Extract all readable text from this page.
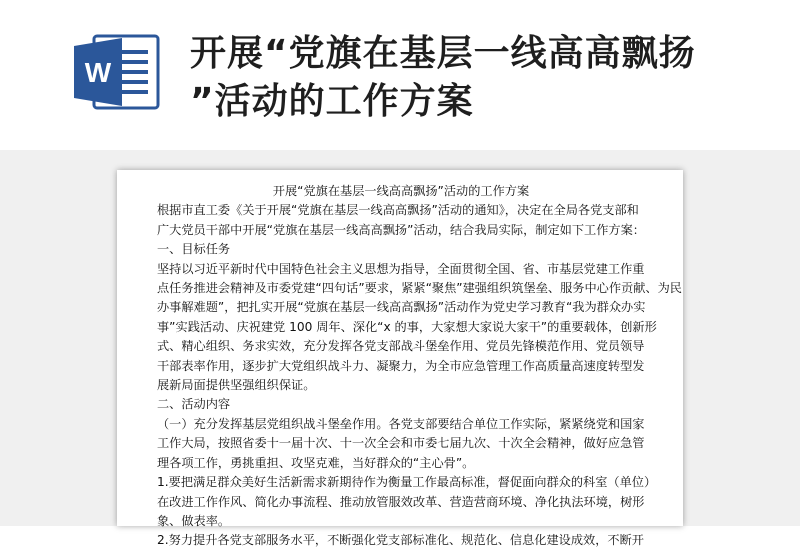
W 开展“党旗在基层一线高高飘扬
”活动的工作方案
开展“党旗在基层一线高高飘扬”活动的工作方案
根据市直工委《关于开展“党旗在基层一线高高飘扬”活动的通知》，决定在全局各党支部和
广大党员干部中开展“党旗在基层一线高高飘扬”活动，结合我局实际，制定如下工作方案：
一、目标任务
坚持以习近平新时代中国特色社会主义思想为指导，全面贯彻全国、省、市基层党建工作重
点任务推进会精神及市委党建“四句话”要求，紧紧“聚焦”建强组织筑堡垒、服务中心作贡献、为民
办事解难题”，把扎实开展“党旗在基层一线高高飘扬”活动作为党史学习教育“我为群众办实
事”实践活动、庆祝建党 100 周年、深化“x 的事，大家想大家说大家干”的重要载体，创新形
式、精心组织、务求实效，充分发挥各党支部战斗堡垒作用、党员先锋模范作用、党员领导
干部表率作用，逐步扩大党组织战斗力、凝聚力，为全市应急管理工作高质量高速度转型发
展新局面提供坚强组织保证。
二、活动内容
（一）充分发挥基层党组织战斗堡垒作用。各党支部要结合单位工作实际，紧紧绕党和国家
工作大局，按照省委十一届十次、十一次全会和市委七届九次、十次全会精神，做好应急管
理各项工作，勇挑重担、攻坚克难，当好群众的“主心骨”。
1.要把满足群众美好生活新需求新期待作为衡量工作最高标准，督促面向群众的科室（单位）
在改进工作作风、简化办事流程、推动放管服效改革、营造营商环境、净化执法环境，树形
象、做表率。
2.努力提升各党支部服务水平，不断强化党支部标准化、规范化、信息化建设成效，不断开
